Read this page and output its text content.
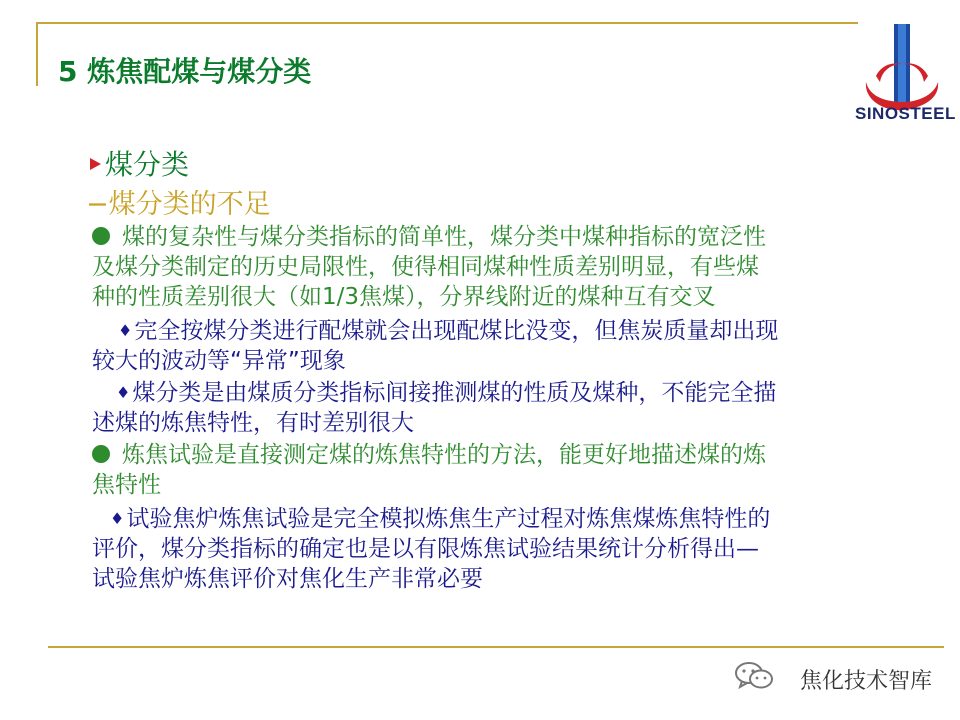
5 炼焦配煤与煤分类
SINOSTEEL
煤分类
−煤分类的不足
煤的复杂性与煤分类指标的简单性，煤分类中煤种指标的宽泛性
及煤分类制定的历史局限性，使得相同煤种性质差别明显，有些煤
种的性质差别很大（如1/3焦煤），分界线附近的煤种互有交叉
♦完全按煤分类进行配煤就会出现配煤比没变，但焦炭质量却出现
较大的波动等“异常”现象
♦煤分类是由煤质分类指标间接推测煤的性质及煤种，不能完全描
述煤的炼焦特性，有时差别很大
炼焦试验是直接测定煤的炼焦特性的方法，能更好地描述煤的炼
焦特性
♦试验焦炉炼焦试验是完全模拟炼焦生产过程对炼焦煤炼焦特性的
评价，煤分类指标的确定也是以有限炼焦试验结果统计分析得出—
试验焦炉炼焦评价对焦化生产非常必要
焦化技术智库
